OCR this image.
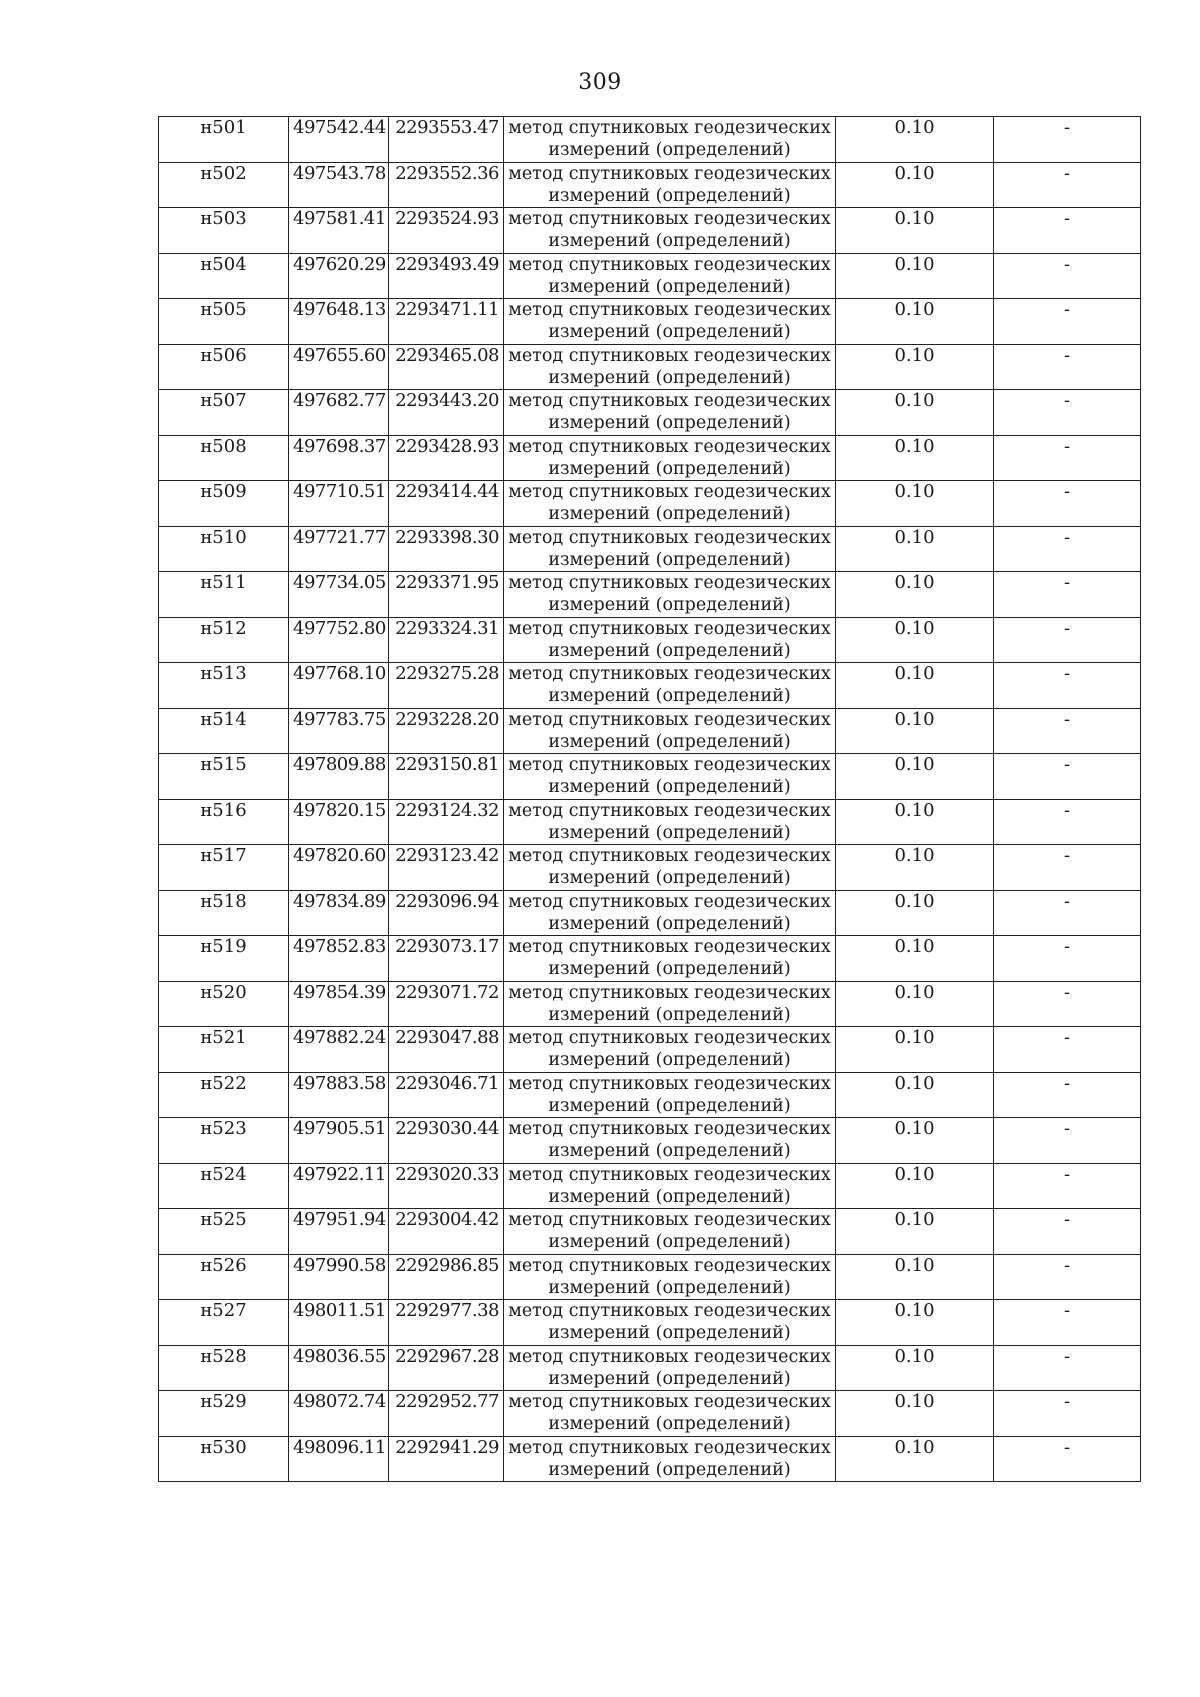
309
н501	497542.44	2293553.47	метод спутниковых геодезических измерений (определений)	0.10	-
н502	497543.78	2293552.36	метод спутниковых геодезических измерений (определений)	0.10	-
н503	497581.41	2293524.93	метод спутниковых геодезических измерений (определений)	0.10	-
н504	497620.29	2293493.49	метод спутниковых геодезических измерений (определений)	0.10	-
н505	497648.13	2293471.11	метод спутниковых геодезических измерений (определений)	0.10	-
н506	497655.60	2293465.08	метод спутниковых геодезических измерений (определений)	0.10	-
н507	497682.77	2293443.20	метод спутниковых геодезических измерений (определений)	0.10	-
н508	497698.37	2293428.93	метод спутниковых геодезических измерений (определений)	0.10	-
н509	497710.51	2293414.44	метод спутниковых геодезических измерений (определений)	0.10	-
н510	497721.77	2293398.30	метод спутниковых геодезических измерений (определений)	0.10	-
н511	497734.05	2293371.95	метод спутниковых геодезических измерений (определений)	0.10	-
н512	497752.80	2293324.31	метод спутниковых геодезических измерений (определений)	0.10	-
н513	497768.10	2293275.28	метод спутниковых геодезических измерений (определений)	0.10	-
н514	497783.75	2293228.20	метод спутниковых геодезических измерений (определений)	0.10	-
н515	497809.88	2293150.81	метод спутниковых геодезических измерений (определений)	0.10	-
н516	497820.15	2293124.32	метод спутниковых геодезических измерений (определений)	0.10	-
н517	497820.60	2293123.42	метод спутниковых геодезических измерений (определений)	0.10	-
н518	497834.89	2293096.94	метод спутниковых геодезических измерений (определений)	0.10	-
н519	497852.83	2293073.17	метод спутниковых геодезических измерений (определений)	0.10	-
н520	497854.39	2293071.72	метод спутниковых геодезических измерений (определений)	0.10	-
н521	497882.24	2293047.88	метод спутниковых геодезических измерений (определений)	0.10	-
н522	497883.58	2293046.71	метод спутниковых геодезических измерений (определений)	0.10	-
н523	497905.51	2293030.44	метод спутниковых геодезических измерений (определений)	0.10	-
н524	497922.11	2293020.33	метод спутниковых геодезических измерений (определений)	0.10	-
н525	497951.94	2293004.42	метод спутниковых геодезических измерений (определений)	0.10	-
н526	497990.58	2292986.85	метод спутниковых геодезических измерений (определений)	0.10	-
н527	498011.51	2292977.38	метод спутниковых геодезических измерений (определений)	0.10	-
н528	498036.55	2292967.28	метод спутниковых геодезических измерений (определений)	0.10	-
н529	498072.74	2292952.77	метод спутниковых геодезических измерений (определений)	0.10	-
н530	498096.11	2292941.29	метод спутниковых геодезических измерений (определений)	0.10	-
